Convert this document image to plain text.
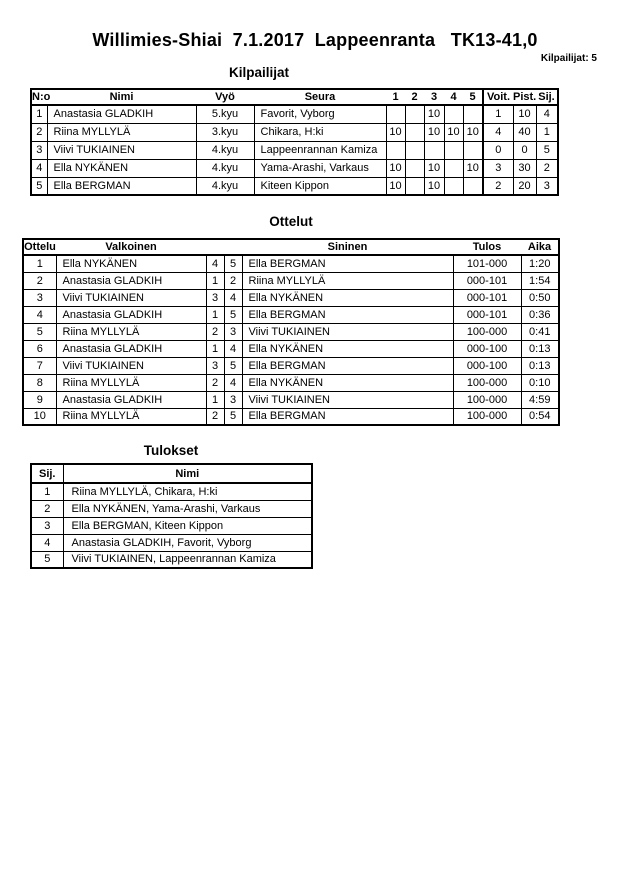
Willimies-Shiai  7.1.2017  Lappeenranta   TK13-41,0
Kilpailijat: 5
Kilpailijat
N:o	Nimi	Vyö	Seura	1	2	3	4	5	Voit.	Pist.	Sij.
1	Anastasia GLADKIH	5.kyu	Favorit, Vyborg			10			1	10	4
2	Riina MYLLYLÄ	3.kyu	Chikara, H:ki	10		10	10	10	4	40	1
3	Viivi TUKIAINEN	4.kyu	Lappeenrannan Kamiza						0	0	5
4	Ella NYKÄNEN	4.kyu	Yama-Arashi, Varkaus	10		10		10	3	30	2
5	Ella BERGMAN	4.kyu	Kiteen Kippon	10		10			2	20	3
Ottelut
Ottelu	Valkoinen			Sininen	Tulos	Aika
1	Ella NYKÄNEN	4	5	Ella BERGMAN	101-000	1:20
2	Anastasia GLADKIH	1	2	Riina MYLLYLÄ	000-101	1:54
3	Viivi TUKIAINEN	3	4	Ella NYKÄNEN	000-101	0:50
4	Anastasia GLADKIH	1	5	Ella BERGMAN	000-101	0:36
5	Riina MYLLYLÄ	2	3	Viivi TUKIAINEN	100-000	0:41
6	Anastasia GLADKIH	1	4	Ella NYKÄNEN	000-100	0:13
7	Viivi TUKIAINEN	3	5	Ella BERGMAN	000-100	0:13
8	Riina MYLLYLÄ	2	4	Ella NYKÄNEN	100-000	0:10
9	Anastasia GLADKIH	1	3	Viivi TUKIAINEN	100-000	4:59
10	Riina MYLLYLÄ	2	5	Ella BERGMAN	100-000	0:54
Tulokset
Sij.	Nimi
1	Riina MYLLYLÄ, Chikara, H:ki
2	Ella NYKÄNEN, Yama-Arashi, Varkaus
3	Ella BERGMAN, Kiteen Kippon
4	Anastasia GLADKIH, Favorit, Vyborg
5	Viivi TUKIAINEN, Lappeenrannan Kamiza
